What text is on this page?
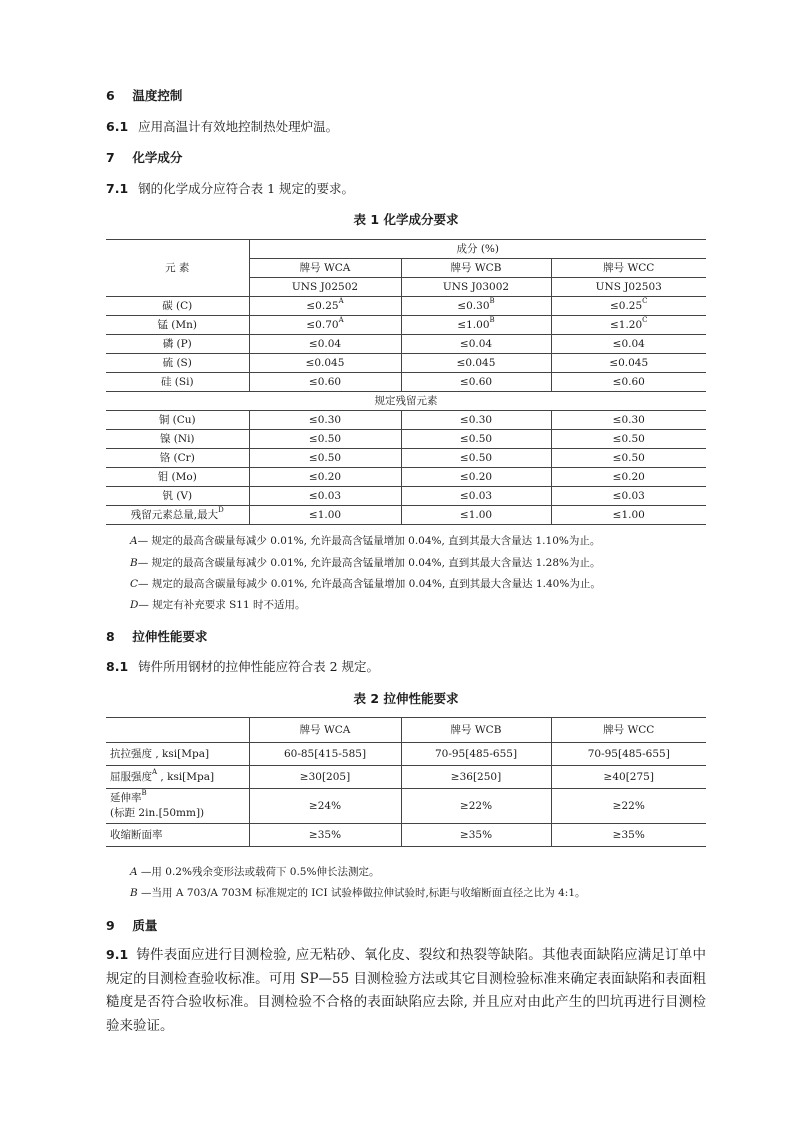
6 温度控制
6.1 应用高温计有效地控制热处理炉温。
7 化学成分
7.1 钢的化学成分应符合表 1 规定的要求。
表 1 化学成分要求
元 素	成分 (%)		
	牌号 WCA	牌号 WCB	牌号 WCC
	UNS J02502	UNS J03002	UNS J02503
碳 (C)	$\le 0.25^A$	$\le 0.30^B$	$\le 0.25^C$
锰 (Mn)	$\le 0.70^A$	$\le 1.00^B$	$\le 1.20^C$
磷 (P)	≤0.04	≤0.04	≤0.04
硫 (S)	≤0.045	≤0.045	≤0.045
硅 (Si)	≤0.60	≤0.60	≤0.60
规定残留元素			
铜 (Cu)	≤0.30	≤0.30	≤0.30
镍 (Ni)	≤0.50	≤0.50	≤0.50
铬 (Cr)	≤0.50	≤0.50	≤0.50
钼 (Mo)	≤0.20	≤0.20	≤0.20
钒 (V)	≤0.03	≤0.03	≤0.03
残留元素总量,最大$^D$	≤1.00	≤1.00	≤1.00
A— 规定的最高含碳量每减少 0.01%, 允许最高含锰量增加 0.04%, 直到其最大含量达 1.10%为止。
B— 规定的最高含碳量每减少 0.01%, 允许最高含锰量增加 0.04%, 直到其最大含量达 1.28%为止。
C— 规定的最高含碳量每减少 0.01%, 允许最高含锰量增加 0.04%, 直到其最大含量达 1.40%为止。
D— 规定有补充要求 S11 时不适用。
8 拉伸性能要求
8.1 铸件所用钢材的拉伸性能应符合表 2 规定。
表 2 拉伸性能要求
	牌号 WCA	牌号 WCB	牌号 WCC
抗拉强度 , ksi[Mpa]	60-85[415-585]	70-95[485-655]	70-95[485-655]
屈服强度$^A$ , ksi[Mpa]	≥30[205]	≥36[250]	≥40[275]
延伸率$^B$
(标距 2in.[50mm])	≥24%	≥22%	≥22%
收缩断面率	≥35%	≥35%	≥35%
A —用 0.2%残余变形法或载荷下 0.5%伸长法测定。
B —当用 A 703/A 703M 标准规定的 ICI 试验棒做拉伸试验时,标距与收缩断面直径之比为 4:1。
9 质量
9.1 铸件表面应进行目测检验, 应无粘砂、氧化皮、裂纹和热裂等缺陷。其他表面缺陷应满足订单中规定的目测检查验收标准。可用 SP—55 目测检验方法或其它目测检验标准来确定表面缺陷和表面粗糙度是否符合验收标准。目测检验不合格的表面缺陷应去除, 并且应对由此产生的凹坑再进行目测检验来验证。
